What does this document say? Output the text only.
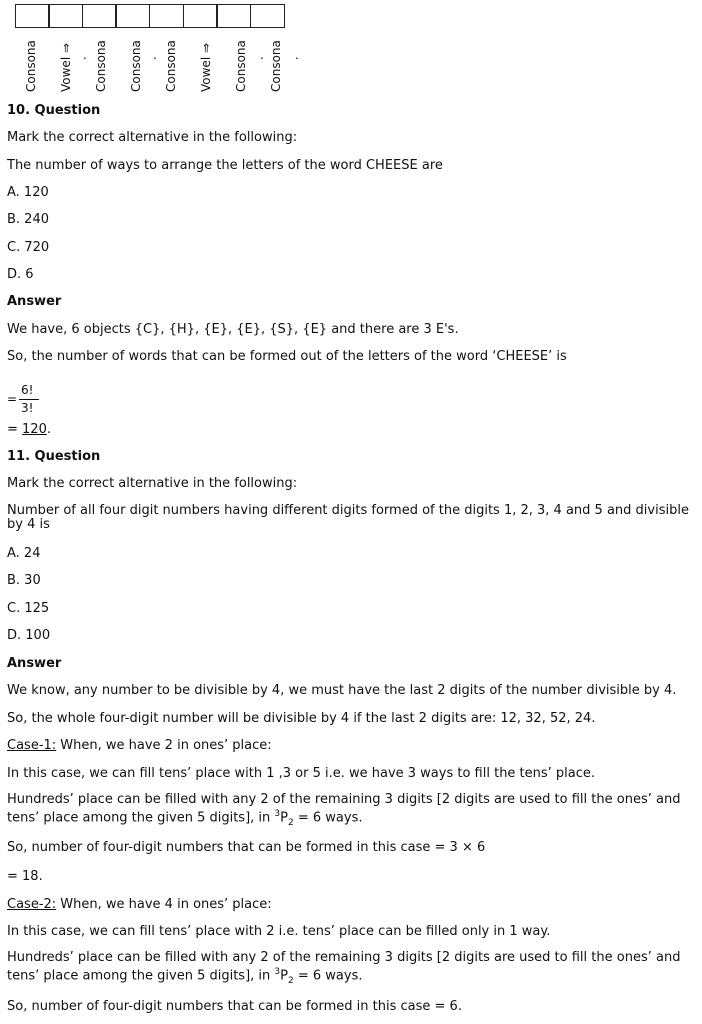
Consona Vowel ⇒ Consona Consona Consona Vowel ⇒ Consona Consona
.	.	.	.
10. Question
Mark the correct alternative in the following:
The number of ways to arrange the letters of the word CHEESE are
A. 120
B. 240
C. 720
D. 6
Answer
We have, 6 objects {C}, {H}, {E}, {E}, {S}, {E} and there are 3 E's.
So, the number of words that can be formed out of the letters of the word ‘CHEESE’ is
=
6!
3!
= 120.
11. Question
Mark the correct alternative in the following:
Number of all four digit numbers having different digits formed of the digits 1, 2, 3, 4 and 5 and divisible by 4 is
A. 24
B. 30
C. 125
D. 100
Answer
We know, any number to be divisible by 4, we must have the last 2 digits of the number divisible by 4.
So, the whole four-digit number will be divisible by 4 if the last 2 digits are: 12, 32, 52, 24.
Case-1: When, we have 2 in ones’ place:
In this case, we can fill tens’ place with 1 ,3 or 5 i.e. we have 3 ways to fill the tens’ place.
Hundreds’ place can be filled with any 2 of the remaining 3 digits [2 digits are used to fill the ones’ and tens’ place among the given 5 digits], in $^3P_2 = 6$ ways.
So, number of four-digit numbers that can be formed in this case = 3 × 6
= 18.
Case-2: When, we have 4 in ones’ place:
In this case, we can fill tens’ place with 2 i.e. tens’ place can be filled only in 1 way.
Hundreds’ place can be filled with any 2 of the remaining 3 digits [2 digits are used to fill the ones’ and tens’ place among the given 5 digits], in $^3P_2 = 6$ ways.
So, number of four-digit numbers that can be formed in this case = 6.
